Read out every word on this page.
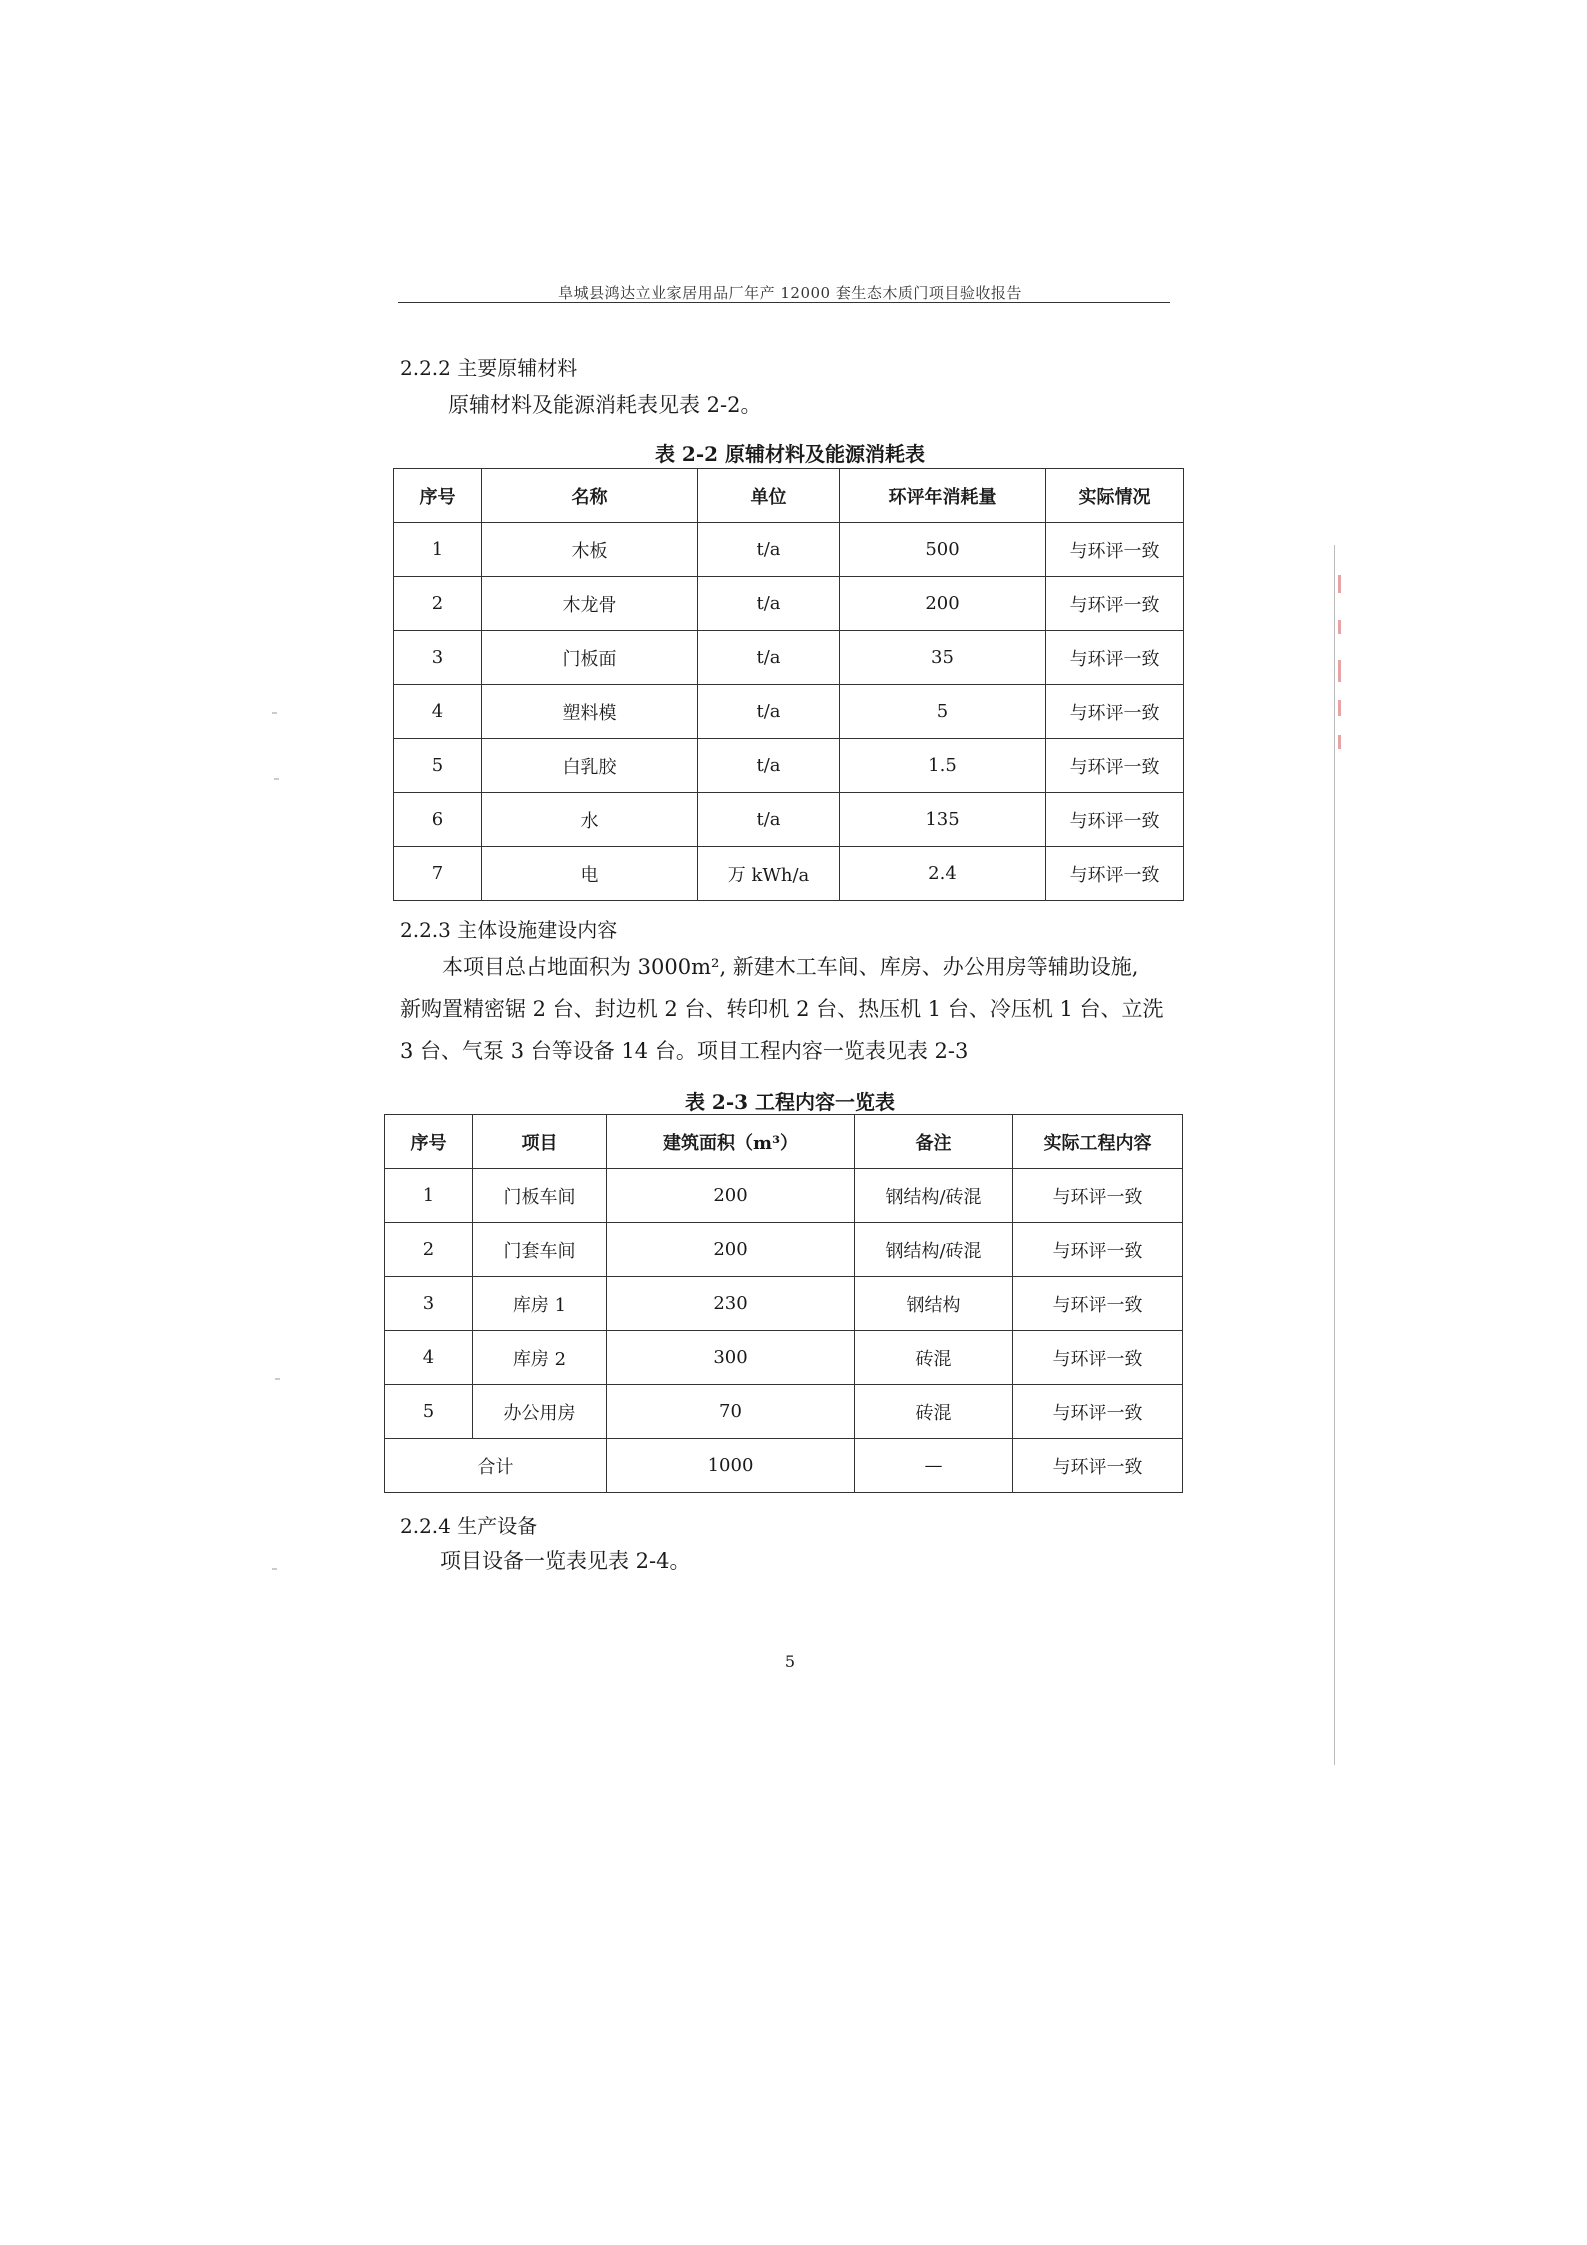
阜城县鸿达立业家居用品厂年产 12000 套生态木质门项目验收报告
2.2.2 主要原辅材料
原辅材料及能源消耗表见表 2-2。
表 2-2 原辅材料及能源消耗表
序号	名称	单位	环评年消耗量	实际情况
1	木板	t/a	500	与环评一致
2	木龙骨	t/a	200	与环评一致
3	门板面	t/a	35	与环评一致
4	塑料模	t/a	5	与环评一致
5	白乳胶	t/a	1.5	与环评一致
6	水	t/a	135	与环评一致
7	电	万 kWh/a	2.4	与环评一致
2.2.3 主体设施建设内容
本项目总占地面积为 3000m², 新建木工车间、库房、办公用房等辅助设施,
新购置精密锯 2 台、封边机 2 台、转印机 2 台、热压机 1 台、冷压机 1 台、立洗
3 台、气泵 3 台等设备 14 台。项目工程内容一览表见表 2-3
表 2-3 工程内容一览表
序号	项目	建筑面积（m³）	备注	实际工程内容
1	门板车间	200	钢结构/砖混	与环评一致
2	门套车间	200	钢结构/砖混	与环评一致
3	库房 1	230	钢结构	与环评一致
4	库房 2	300	砖混	与环评一致
5	办公用房	70	砖混	与环评一致
合计		1000	—	与环评一致
2.2.4 生产设备
项目设备一览表见表 2-4。
5
